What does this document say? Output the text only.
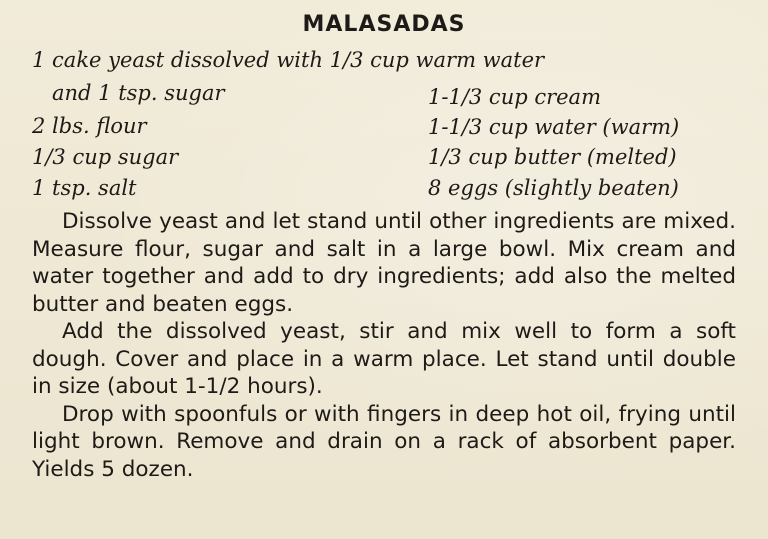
MALASADAS
1 cake yeast dissolved with 1/3 cup warm water
and 1 tsp. sugar
2 lbs. flour
1/3 cup sugar
1 tsp. salt
1-1/3 cup cream
1-1/3 cup water (warm)
1/3 cup butter (melted)
8 eggs (slightly beaten)

Dissolve yeast and let stand until other ingredients are mixed. Measure flour, sugar and salt in a large bowl. Mix cream and water together and add to dry ingredients; add also the melted butter and beaten eggs.

Add the dissolved yeast, stir and mix well to form a soft dough. Cover and place in a warm place. Let stand until double in size (about 1-1/2 hours).

Drop with spoonfuls or with fingers in deep hot oil, frying until light brown. Remove and drain on a rack of absorbent paper. Yields 5 dozen.
